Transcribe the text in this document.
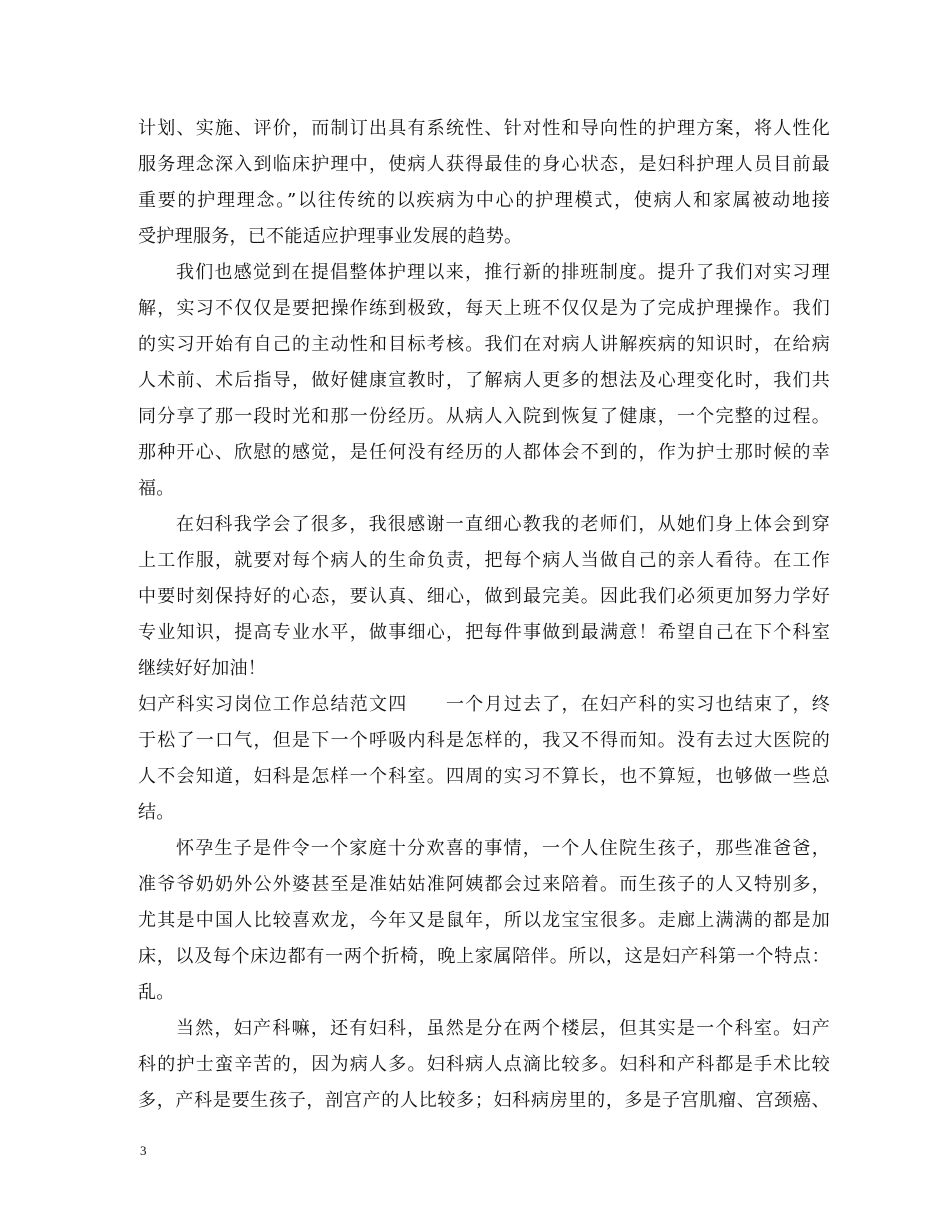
计划、实施、评价，而制订出具有系统性、针对性和导向性的护理方案，将人性化
服务理念深入到临床护理中，使病人获得最佳的身心状态，是妇科护理人员目前最
重要的护理理念。”以往传统的以疾病为中心的护理模式，使病人和家属被动地接
受护理服务，已不能适应护理事业发展的趋势。
我们也感觉到在提倡整体护理以来，推行新的排班制度。提升了我们对实习理
解，实习不仅仅是要把操作练到极致，每天上班不仅仅是为了完成护理操作。我们
的实习开始有自己的主动性和目标考核。我们在对病人讲解疾病的知识时，在给病
人术前、术后指导，做好健康宣教时，了解病人更多的想法及心理变化时，我们共
同分享了那一段时光和那一份经历。从病人入院到恢复了健康，一个完整的过程。
那种开心、欣慰的感觉，是任何没有经历的人都体会不到的，作为护士那时候的幸
福。
在妇科我学会了很多，我很感谢一直细心教我的老师们，从她们身上体会到穿
上工作服，就要对每个病人的生命负责，把每个病人当做自己的亲人看待。在工作
中要时刻保持好的心态，要认真、细心，做到最完美。因此我们必须更加努力学好
专业知识，提高专业水平，做事细心，把每件事做到最满意！希望自己在下个科室
继续好好加油！
妇产科实习岗位工作总结范文四　　一个月过去了，在妇产科的实习也结束了，终
于松了一口气，但是下一个呼吸内科是怎样的，我又不得而知。没有去过大医院的
人不会知道，妇科是怎样一个科室。四周的实习不算长，也不算短，也够做一些总
结。
怀孕生子是件令一个家庭十分欢喜的事情，一个人住院生孩子，那些准爸爸，
准爷爷奶奶外公外婆甚至是准姑姑准阿姨都会过来陪着。而生孩子的人又特别多，
尤其是中国人比较喜欢龙，今年又是鼠年，所以龙宝宝很多。走廊上满满的都是加
床，以及每个床边都有一两个折椅，晚上家属陪伴。所以，这是妇产科第一个特点：
乱。
当然，妇产科嘛，还有妇科，虽然是分在两个楼层，但其实是一个科室。妇产
科的护士蛮辛苦的，因为病人多。妇科病人点滴比较多。妇科和产科都是手术比较
多，产科是要生孩子，剖宫产的人比较多；妇科病房里的，多是子宫肌瘤、宫颈癌、
3
